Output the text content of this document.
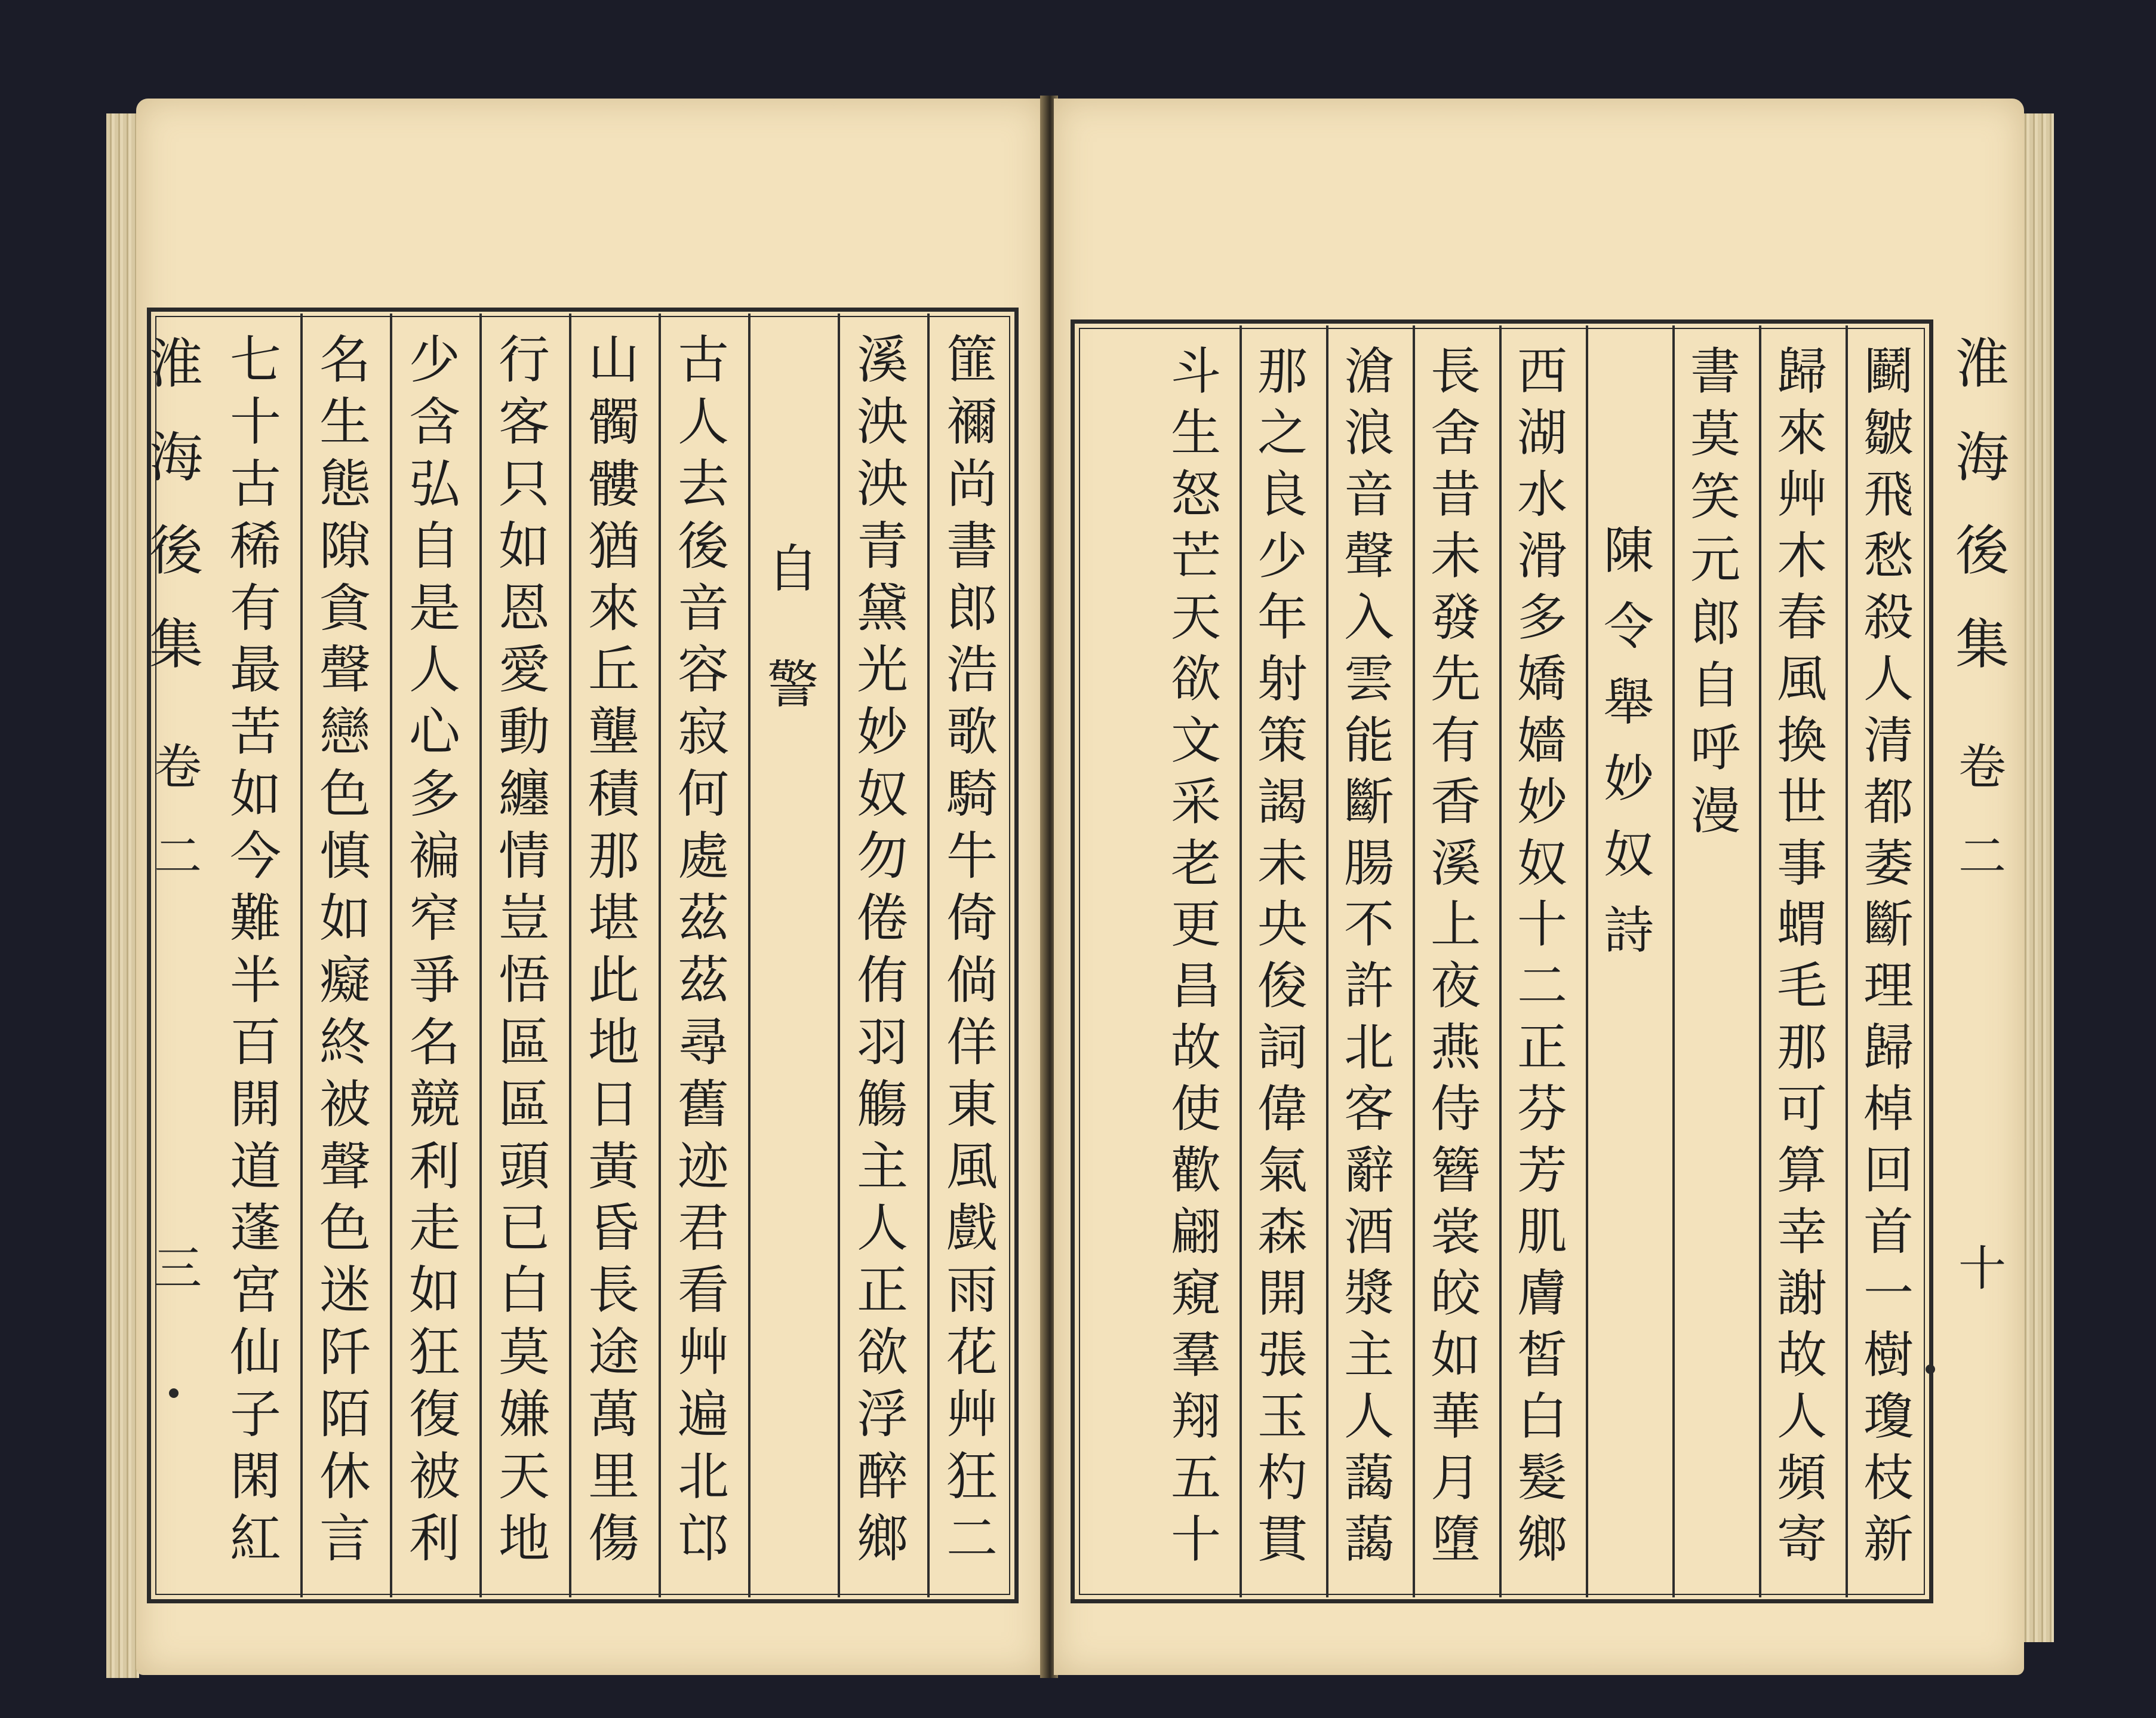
篚
禰
尚
書
郎
浩
歌
騎
牛
倚
倘
佯
東
風
戲
雨
花
艸
狂
二
溪
泱
泱
青
黛
光
妙
奴
勿
倦
侑
羽
觴
主
人
正
欲
浮
醉
鄉
自
警
古
人
去
後
音
容
寂
何
處
茲
茲
尋
舊
迹
君
看
艸
遍
北
邙
山
髑
髏
猶
來
丘
壟
積
那
堪
此
地
日
黃
昏
長
途
萬
里
傷
行
客
只
如
恩
愛
動
纏
情
豈
悟
區
區
頭
已
白
莫
嫌
天
地
少
含
弘
自
是
人
心
多
褊
窄
爭
名
競
利
走
如
狂
復
被
利
名
生
態
隙
貪
聲
戀
色
慎
如
癡
終
被
聲
色
迷
阡
陌
休
言
七
十
古
稀
有
最
苦
如
今
難
半
百
開
道
蓬
宮
仙
子
閑
紅
淮
海
後
集
卷
二
三
鬬
皺
飛
愁
殺
人
清
都
萎
斷
理
歸
棹
回
首
一
樹
瓊
枝
新
歸
來
艸
木
春
風
換
世
事
蝟
毛
那
可
算
幸
謝
故
人
頻
寄
書
莫
笑
元
郎
自
呼
漫
陳
令
舉
妙
奴
詩
西
湖
水
滑
多
嬌
嬙
妙
奴
十
二
正
芬
芳
肌
膚
皙
白
髮
鄉
長
舍
昔
未
發
先
有
香
溪
上
夜
燕
侍
簪
裳
皎
如
華
月
墮
滄
浪
音
聲
入
雲
能
斷
腸
不
許
北
客
辭
酒
漿
主
人
藹
藹
那
之
良
少
年
射
策
謁
未
央
俊
詞
偉
氣
森
開
張
玉
杓
貫
斗
生
怒
芒
天
欲
文
采
老
更
昌
故
使
歡
翩
窺
羣
翔
五
十
淮
海
後
集
卷
二
十
